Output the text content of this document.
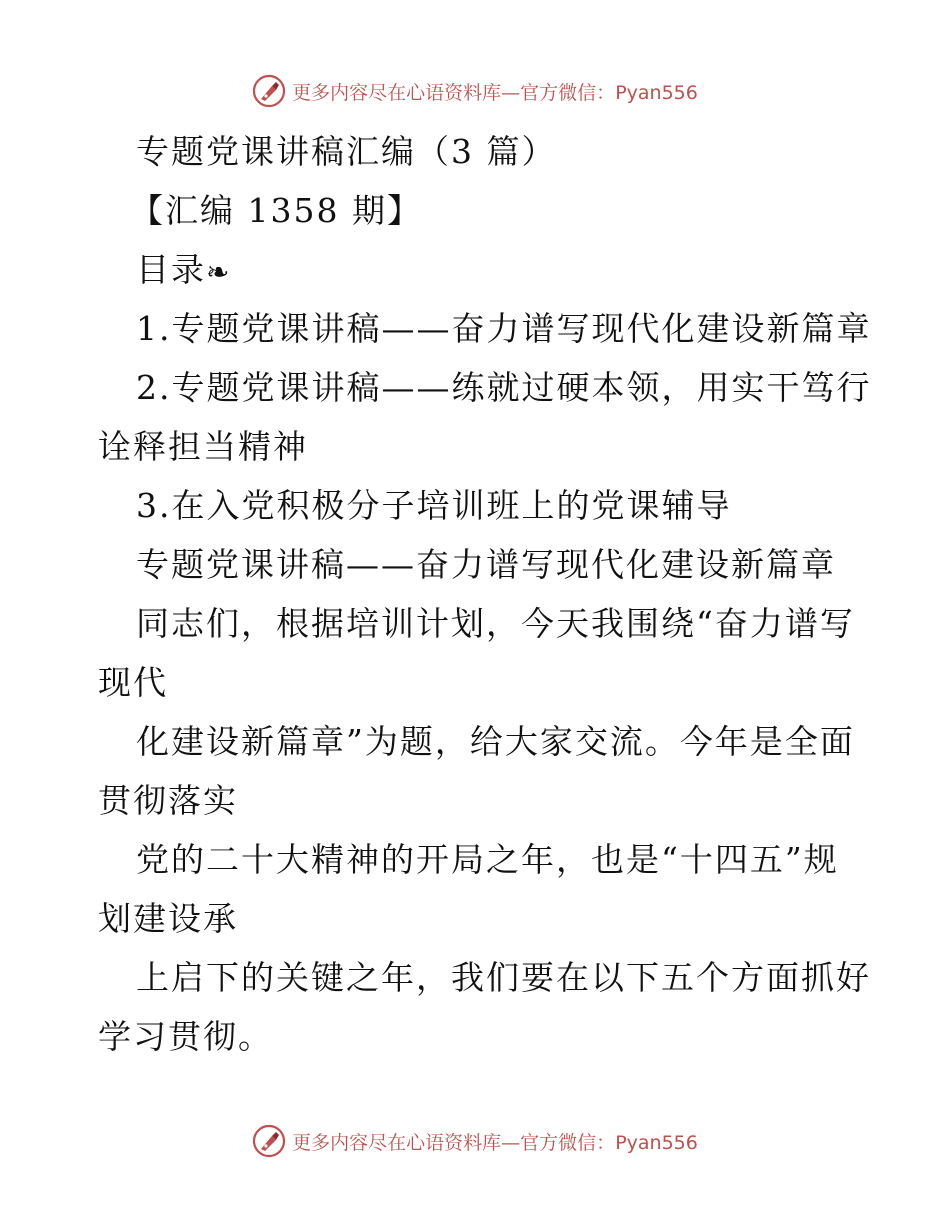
更多内容尽在心语资料库—官方微信：Pyan556
专题党课讲稿汇编（3 篇）
【汇编 1358 期】
目录❧
1.专题党课讲稿——奋力谱写现代化建设新篇章
2.专题党课讲稿——练就过硬本领，用实干笃行
诠释担当精神
3.在入党积极分子培训班上的党课辅导
专题党课讲稿——奋力谱写现代化建设新篇章
同志们，根据培训计划，今天我围绕“奋力谱写
现代
化建设新篇章”为题，给大家交流。今年是全面
贯彻落实
党的二十大精神的开局之年，也是“十四五”规
划建设承
上启下的关键之年，我们要在以下五个方面抓好
学习贯彻。
更多内容尽在心语资料库—官方微信：Pyan556
